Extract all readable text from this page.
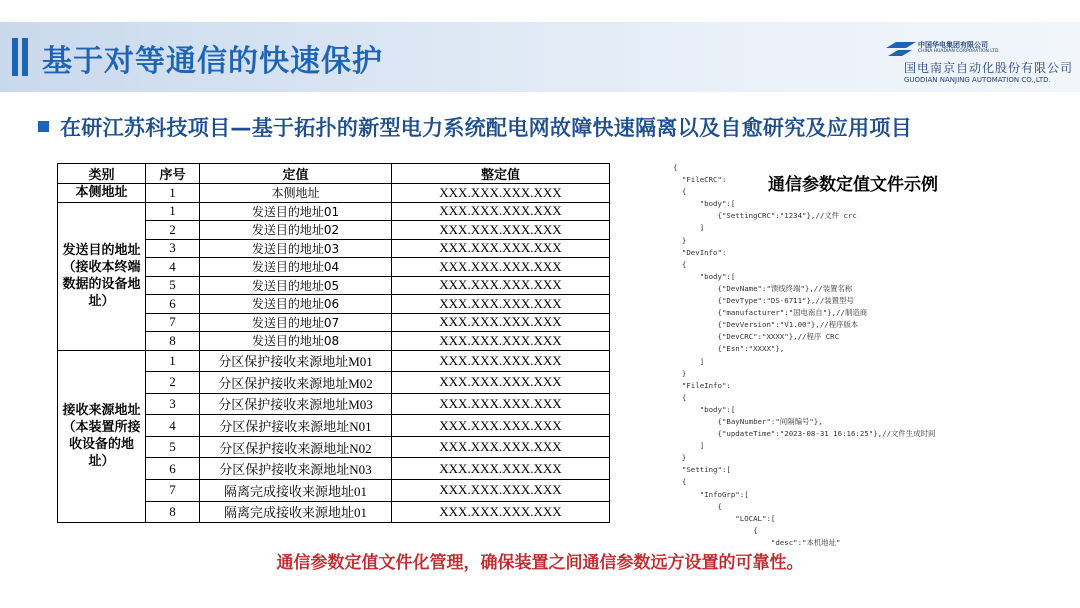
基于对等通信的快速保护	中国华电集团有限公司
CHINA HUADIAN CORPORATION LTD.
国电南京自动化股份有限公司
GUODIAN NANJING AUTOMATION CO.,LTD.
在研江苏科技项目—基于拓扑的新型电力系统配电网故障快速隔离以及自愈研究及应用项目
类别	序号	定值	整定值
本侧地址	1	本侧地址	XXX.XXX.XXX.XXX
发送目的地址（接收本终端数据的设备地址）	1	发送目的地址01	XXX.XXX.XXX.XXX
	2	发送目的地址02	XXX.XXX.XXX.XXX
	3	发送目的地址03	XXX.XXX.XXX.XXX
	4	发送目的地址04	XXX.XXX.XXX.XXX
	5	发送目的地址05	XXX.XXX.XXX.XXX
	6	发送目的地址06	XXX.XXX.XXX.XXX
	7	发送目的地址07	XXX.XXX.XXX.XXX
	8	发送目的地址08	XXX.XXX.XXX.XXX
接收来源地址（本装置所接收设备的地址）	1	分区保护接收来源地址M01	XXX.XXX.XXX.XXX
	2	分区保护接收来源地址M02	XXX.XXX.XXX.XXX
	3	分区保护接收来源地址M03	XXX.XXX.XXX.XXX
	4	分区保护接收来源地址N01	XXX.XXX.XXX.XXX
	5	分区保护接收来源地址N02	XXX.XXX.XXX.XXX
	6	分区保护接收来源地址N03	XXX.XXX.XXX.XXX
	7	隔离完成接收来源地址01	XXX.XXX.XXX.XXX
	8	隔离完成接收来源地址01	XXX.XXX.XXX.XXX
{
"FileCRC":
{
"body":[
{"SettingCRC":"1234"},//文件 crc
]
}
"DevInfo":
{
"body":[
{"DevName":"馈线终端"},//装置名称
{"DevType":"DS-6711"},//装置型号
{"manufacturer":"国电南自"},//制造商
{"DevVersion":"V1.00"},//程序版本
{"DevCRC":"XXXX"},//程序 CRC
{"Esn":"XXXX"},
]
}
"FileInfo":
{
"body":[
{"BayNumber":"间隔编号"},
{"updateTime":"2023-08-31 16:16:25"},//文件生成时间
]
}
"Setting":[
{
"InfoGrp":[
{
"LOCAL":[
{
"desc":"本机地址"
通信参数定值文件示例
通信参数定值文件化管理，确保装置之间通信参数远方设置的可靠性。
